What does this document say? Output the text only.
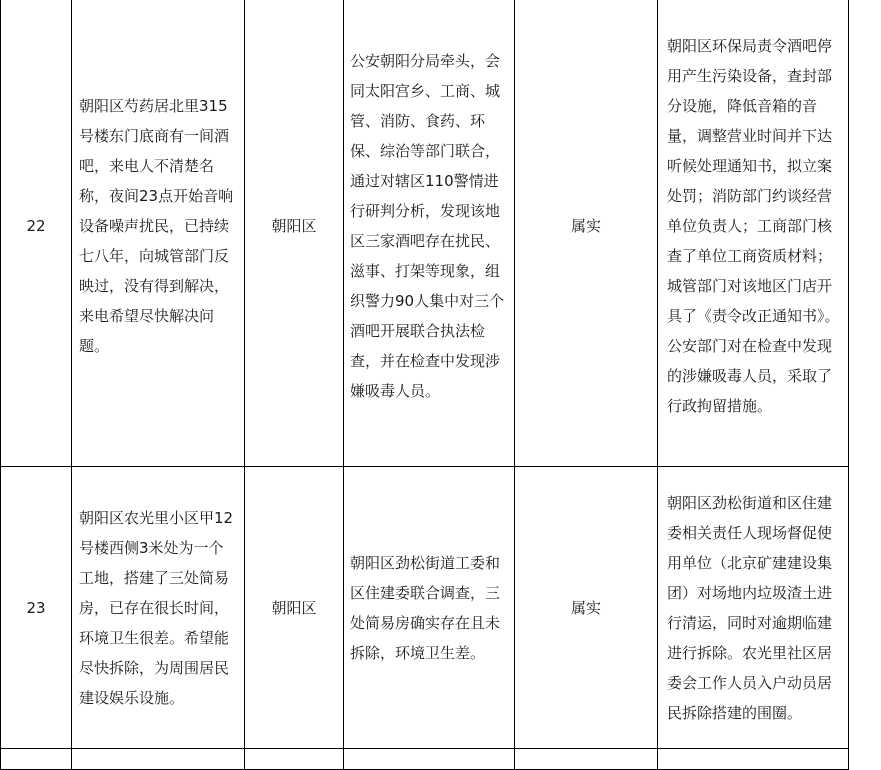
22	朝阳区芍药居北里315号楼东门底商有一间酒吧，来电人不清楚名称，夜间23点开始音响设备噪声扰民，已持续七八年，向城管部门反映过，没有得到解决，来电希望尽快解决问题。	朝阳区	公安朝阳分局牵头，会同太阳宫乡、工商、城管、消防、食药、环保、综治等部门联合，通过对辖区110警情进行研判分析，发现该地区三家酒吧存在扰民、滋事、打架等现象，组织警力90人集中对三个酒吧开展联合执法检查，并在检查中发现涉嫌吸毒人员。	属实	朝阳区环保局责令酒吧停用产生污染设备，查封部分设施，降低音箱的音量，调整营业时间并下达听候处理通知书，拟立案处罚；消防部门约谈经营单位负责人；工商部门核查了单位工商资质材料；城管部门对该地区门店开具了《责令改正通知书》。公安部门对在检查中发现的涉嫌吸毒人员，采取了行政拘留措施。

23	朝阳区农光里小区甲12号楼西侧3米处为一个工地，搭建了三处简易房，已存在很长时间，环境卫生很差。希望能尽快拆除，为周围居民建设娱乐设施。	朝阳区	朝阳区劲松街道工委和区住建委联合调查，三处简易房确实存在且未拆除，环境卫生差。	属实	朝阳区劲松街道和区住建委相关责任人现场督促使用单位（北京矿建建设集团）对场地内垃圾渣土进行清运，同时对逾期临建进行拆除。农光里社区居委会工作人员入户动员居民拆除搭建的围圈。
